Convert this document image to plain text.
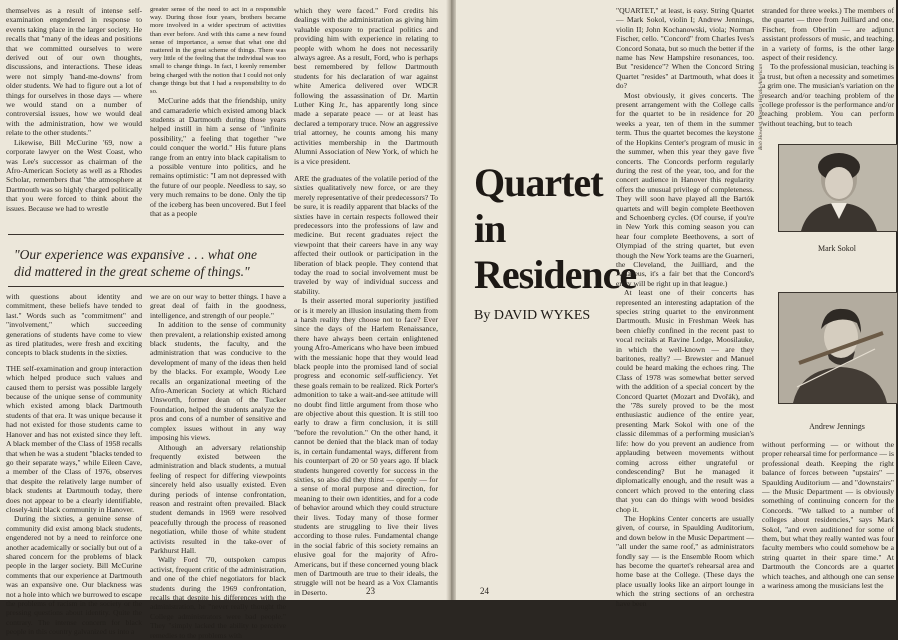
themselves as a result of intense self-examination engendered in response to events taking place in the larger society. He recalls that "many of the ideas and positions that we committed ourselves to were derived out of our own thoughts, discussions, and interactions. These ideas were not simply 'hand-me-downs' from older students. We had to figure out a lot of things for ourselves in those days — where we would stand on a number of controversial issues, how we would deal with the administration, how we would relate to the other students."

Likewise, Bill McCurine '69, now a corporate lawyer on the West Coast, who was Lee's successor as chairman of the Afro-American Society as well as a Rhodes Scholar, remembers that "the atmosphere at Dartmouth was so highly charged politically that you were forced to think about the issues. Because we had to wrestle

greater sense of the need to act in a responsible way. During those four years, brothers became more involved in a wider spectrum of activities than ever before. And with this came a new found sense of importance, a sense that what one did mattered in the great scheme of things. There was very little of the feeling that the individual was too small to change things. In fact, I keenly remember being charged with the notion that I could not only change things but that I had a responsibility to do so.

McCurine adds that the friendship, unity and camaraderie which existed among black students at Dartmouth during those years helped instill in him a sense of "infinite possibility," a feeling that together "we could conquer the world." His future plans range from an entry into black capitalism to a possible venture into politics, and he remains optimistic: "I am not depressed with the future of our people. Needless to say, so very much remains to be done. Only the tip of the iceberg has been uncovered. But I feel that as a people

which they were faced." Ford credits his dealings with the administration as giving him valuable exposure to practical politics and providing him with experience in relating to people with whom he does not necessarily always agree. As a result, Ford, who is perhaps best remembered by fellow Dartmouth students for his declaration of war against white America delivered over WDCR following the assassination of Dr. Martin Luther King Jr., has apparently long since made a separate peace — or at least has declared a temporary truce. Now an aggressive trial attorney, he counts among his many activities membership in the Dartmouth Alumni Association of New York, of which he is a vice president.

ARE the graduates of the volatile period of the sixties qualitatively new force, or are they merely representative of their predecessors? To be sure, it is readily apparent that blacks of the sixties have in certain respects followed their predecessors into the professions of law and medicine. But recent graduates reject the viewpoint that their careers have in any way affected their outlook or participation in the liberation of black people. They contend that today the road to social involvement must be traveled by way of individual success and stability.

Is their asserted moral superiority justified or is it merely an illusion insulating them from a harsh reality they choose not to face? Ever since the days of the Harlem Renaissance, there have always been certain enlightened young Afro-Americans who have been imbued with the messianic hope that they would lead black people into the promised land of social progress and economic self-sufficiency. Yet these goals remain to be realized. Rick Porter's admonition to take a wait-and-see attitude will no doubt find little argument from those who are objective about this question. It is still too early to draw a firm conclusion, it is still "before the revolution." On the other hand, it cannot be denied that the black man of today is, in certain fundamental ways, different from his counterpart of 20 or 50 years ago. If black students hungered covertly for success in the sixties, so also did they thirst — openly — for a sense of moral purpose and direction, for meaning to their own identities, and for a code of behavior around which they could structure their lives. Today many of those former students are struggling to live their lives according to those rules. Fundamental change in the social fabric of this society remains an elusive goal for the majority of Afro-Americans, but if these concerned young black men of Dartmouth are true to their ideals, the struggle will not be heard as a Vox Clamantis in Deserto.

"Our experience was expansive . . . what one did mattered in the great scheme of things."

with questions about identity and commitment, these beliefs have tended to last." Words such as "commitment" and "involvement," which succeeding generations of students have come to view as tired platitudes, were fresh and exciting concepts to black students in the sixties.

THE self-examination and group interaction which helped produce such values and caused them to persist was possible largely because of the unique sense of community which existed among black Dartmouth students of that era. It was unique because it had not existed for those students came to Hanover and has not existed since they left. A black member of the Class of 1958 recalls that when he was a student "blacks tended to go their separate ways," while Eileen Cave, a member of the Class of 1976, observes that despite the relatively large number of black students at Dartmouth today, there does not appear to be a clearly identifiable, closely-knit black community in Hanover.

During the sixties, a genuine sense of community did exist among black students, engendered not by a need to reinforce one another academically or socially but out of a shared concern for the problems of black people in the larger society. Bill McCurine comments that our experience at Dartmouth was an expansive one. Our blackness was not a hole into which we burrowed to escape the problems of racism in the society or the pressing questions about identity. Quite the contrary. The intense concern for black people in this country galvanized us into a

we are on our way to better things. I have a great deal of faith in the goodness, intelligence, and strength of our people."

In addition to the sense of community then prevalent, a relationship existed among black students, the faculty, and the administration that was conducive to the development of many of the ideas then held by the blacks. For example, Woody Lee recalls an organizational meeting of the Afro-American Society at which Richard Unsworth, former dean of the Tucker Foundation, helped the students analyze the pros and cons of a number of sensitive and complex issues without in any way imposing his views.

Although an adversary relationship frequently existed between the administration and black students, a mutual feeling of respect for differing viewpoints sincerely held also usually existed. Even during periods of intense confrontation, reason and restraint often prevailed. Black student demands in 1969 were resolved peacefully through the process of reasoned negotiation, while those of white student activists resulted in the take-over of Parkhurst Hall.

Wally Ford '70, outspoken campus activist, frequent critic of the administration, and one of the chief negotiators for black students during the 1969 confrontation, recalls that despite his differences with the administration, he "never really thought the College administrators were bad people." They "simply lacked the ability to perceive remedies to the problems with

23
Quartet in Residence
By DAVID WYKES

"QUARTET," at least, is easy. String Quartet — Mark Sokol, violin I; Andrew Jennings, violin II; John Kochanowski, viola; Norman Fischer, cello. "Concord" from Charles Ives's Concord Sonata, but so much the better if the name has New Hampshire resonances, too. But "residence"? When the Concord String Quartet "resides" at Dartmouth, what does it do?

Most obviously, it gives concerts. The present arrangement with the College calls for the quartet to be in residence for 20 weeks a year, ten of them in the summer term. Thus the quartet becomes the keystone of the Hopkins Center's program of music in the summer, when this year they gave five concerts. The Concords perform regularly during the rest of the year, too, and for the concert audience in Hanover this regularity offers the unusual privilege of completeness. They will soon have played all the Bartók quartets and will begin complete Beethoven and Schoenberg cycles. (Of course, if you're in New York this coming season you can hear four complete Beethovens, a sort of Olympiad of the string quartet, but even though the New York teams are the Guarneri, the Cleveland, the Juilliard, and the Amadeus, it's a fair bet that the Concord's entry will be right up in that league.)

At least one of their concerts has represented an interesting adaptation of the species string quartet to the environment Dartmouth. Music in Freshman Week has been chiefly confined in the recent past to vocal recitals at Ravine Lodge, Moosilauke, in which the well-known — are they baritones, really? — Brewster and Manuel could be heard making the echoes ring. The Class of 1978 was somewhat better served with the addition of a special concert by the Concord Quartet (Mozart and Dvořák), and the '78s surely proved to be the most enthusiastic audience of the entire year, presenting Mark Sokol with one of the classic dilemmas of a performing musician's life: how do you prevent an audience from applauding between movements without coming across either ungrateful or condescending? But he managed it diplomatically enough, and the result was a concert which proved to the entering class that you can do things with wood besides chop it.

The Hopkins Center concerts are usually given, of course, in Spaulding Auditorium, and down below in the Music Department — "all under the same roof," as administrators fondly say — is the Ensemble Room which has become the quartet's rehearsal area and home base at the College. (These days the place usually looks like an airport lounge in which the string sections of an orchestra have been

stranded for three weeks.) The members of the quartet — three from Juilliard and one, Fischer, from Oberlin — are adjunct assistant professors of music, and teaching, in a variety of forms, is the other large aspect of their residency.

To the professional musician, teaching is a trust, but often a necessity and sometimes a grim one. The musician's variation on the research and/or teaching problem of the college professor is the performance and/or teaching problem. You can perform without teaching, but to teach

Bob Howard, Boston Herald-American
Mark Sokol
Andrew Jennings

without performing — or without the proper rehearsal time for performance — is professional death. Keeping the right balance of forces between "upstairs" — Spaulding Auditorium — and "downstairs" — the Music Department — is obviously something of continuing concern for the Concords. "We talked to a number of colleges about residencies," says Mark Sokol, "and even auditioned for some of them, but what they really wanted was four faculty members who could somehow be a string quartet in their spare time." At Dartmouth the Concords are a quartet which teaches, and although one can sense a wariness among the musicians lest the

24
